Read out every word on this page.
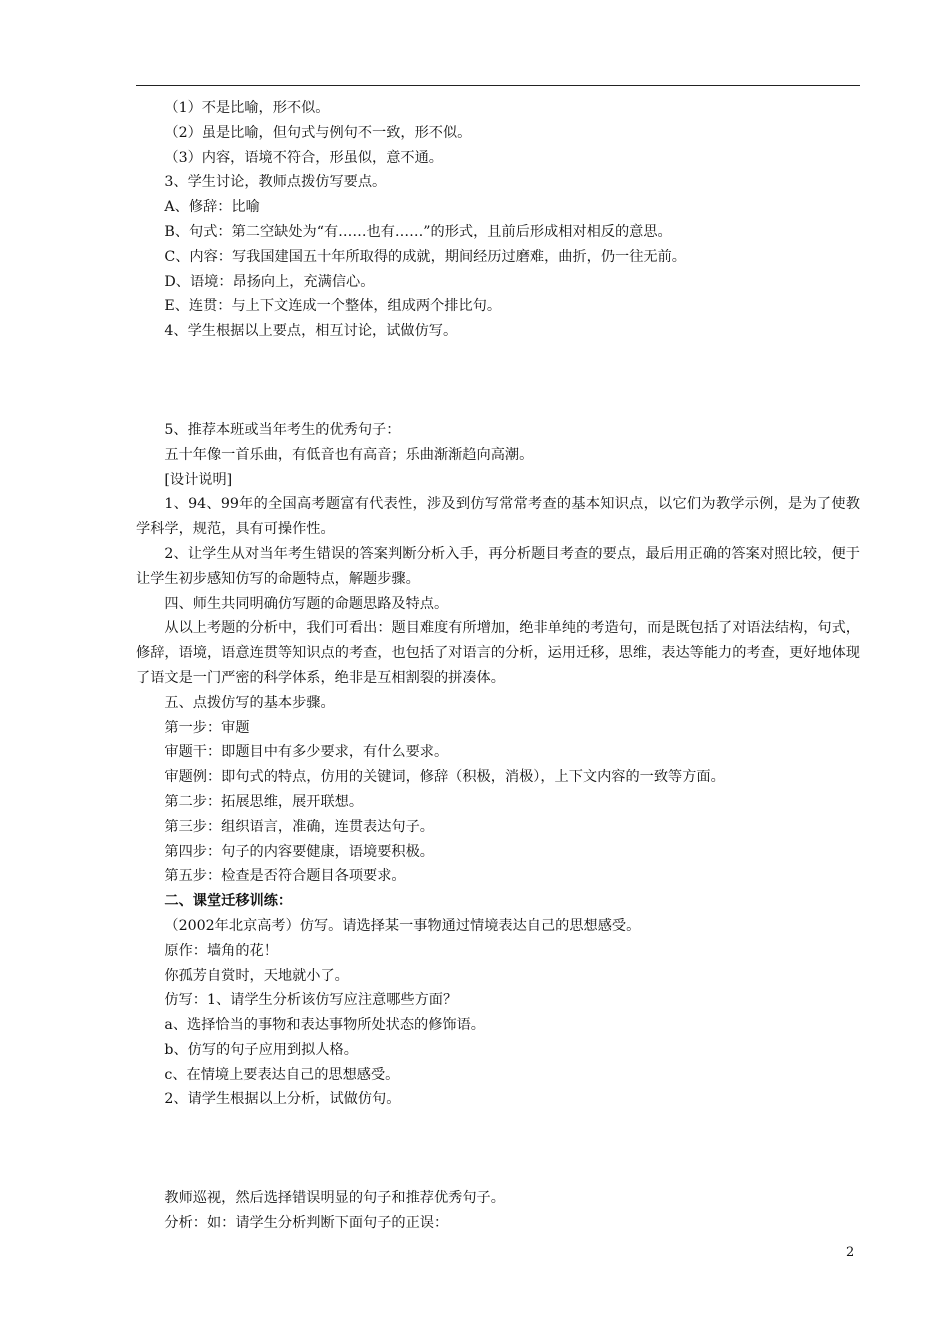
（1）不是比喻，形不似。

（2）虽是比喻，但句式与例句不一致，形不似。

（3）内容，语境不符合，形虽似，意不通。

3、学生讨论，教师点拨仿写要点。

A、修辞：比喻

B、句式：第二空缺处为“有……也有……”的形式，且前后形成相对相反的意思。

C、内容：写我国建国五十年所取得的成就，期间经历过磨难，曲折，仍一往无前。

D、语境：昂扬向上，充满信心。

E、连贯：与上下文连成一个整体，组成两个排比句。

4、学生根据以上要点，相互讨论，试做仿写。

5、推荐本班或当年考生的优秀句子：

五十年像一首乐曲，有低音也有高音；乐曲渐渐趋向高潮。

[设计说明]

1、94、99年的全国高考题富有代表性，涉及到仿写常常考查的基本知识点，以它们为教学示例，是为了使教学科学，规范，具有可操作性。

2、让学生从对当年考生错误的答案判断分析入手，再分析题目考查的要点，最后用正确的答案对照比较，便于让学生初步感知仿写的命题特点，解题步骤。

四、师生共同明确仿写题的命题思路及特点。

从以上考题的分析中，我们可看出：题目难度有所增加，绝非单纯的考造句，而是既包括了对语法结构，句式，修辞，语境，语意连贯等知识点的考查，也包括了对语言的分析，运用迁移，思维，表达等能力的考查，更好地体现了语文是一门严密的科学体系，绝非是互相割裂的拼凑体。

五、点拨仿写的基本步骤。

第一步：审题

审题干：即题目中有多少要求，有什么要求。

审题例：即句式的特点，仿用的关键词，修辞（积极，消极），上下文内容的一致等方面。

第二步：拓展思维，展开联想。

第三步：组织语言，准确，连贯表达句子。

第四步：句子的内容要健康，语境要积极。

第五步：检查是否符合题目各项要求。

二、课堂迁移训练：

（2002年北京高考）仿写。请选择某一事物通过情境表达自己的思想感受。

原作：墙角的花！

你孤芳自赏时，天地就小了。

仿写：1、请学生分析该仿写应注意哪些方面？

a、选择恰当的事物和表达事物所处状态的修饰语。

b、仿写的句子应用到拟人格。

c、在情境上要表达自己的思想感受。

2、请学生根据以上分析，试做仿句。

教师巡视，然后选择错误明显的句子和推荐优秀句子。

分析：如：请学生分析判断下面句子的正误：

2
